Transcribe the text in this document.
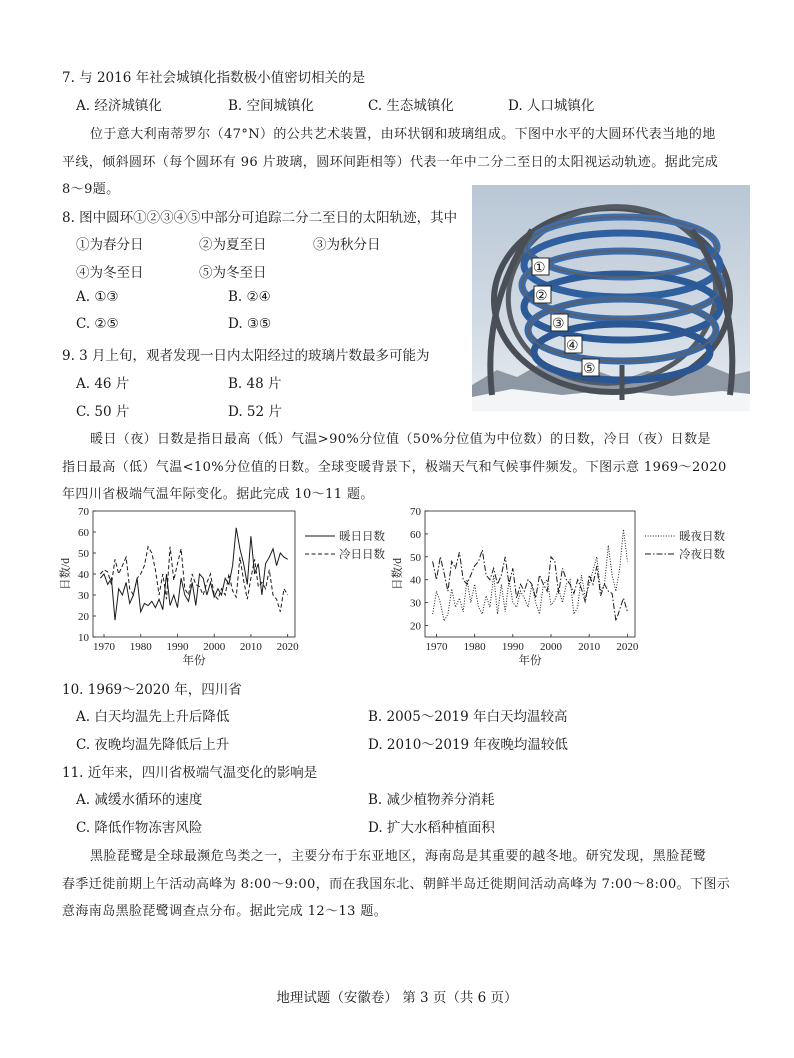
7. 与 2016 年社会城镇化指数极小值密切相关的是
A. 经济城镇化	B. 空间城镇化	C. 生态城镇化	D. 人口城镇化
位于意大利南蒂罗尔（47°N）的公共艺术装置，由环状钢和玻璃组成。下图中水平的大圆环代表当地的地
平线，倾斜圆环（每个圆环有 96 片玻璃，圆环间距相等）代表一年中二分二至日的太阳视运动轨迹。据此完成
8～9题。
8. 图中圆环①②③④⑤中部分可追踪二分二至日的太阳轨迹，其中
①为春分日	②为夏至日	③为秋分日
④为冬至日	⑤为冬至日
A. ①③	B. ②④
C. ②⑤	D. ③⑤
9. 3 月上旬，观者发现一日内太阳经过的玻璃片数最多可能为
A. 46 片	B. 48 片
C. 50 片	D. 52 片
①
②
③
④
⑤
暖日（夜）日数是指日最高（低）气温>90%分位值（50%分位值为中位数）的日数，冷日（夜）日数是
指日最高（低）气温<10%分位值的日数。全球变暖背景下，极端天气和气候事件频发。下图示意 1969～2020
年四川省极端气温年际变化。据此完成 10～11 题。
10
20
30
40
50
60
70
1970 1980 1990 2000 2010 2020
年份
日数/d
暖日日数
冷日日数
20
30
40
50
60
70
1970 1980 1990 2000 2010 2020
年份
日数/d
暖夜日数
冷夜日数
10. 1969～2020 年，四川省
A. 白天均温先上升后降低	B. 2005～2019 年白天均温较高
C. 夜晚均温先降低后上升	D. 2010～2019 年夜晚均温较低
11. 近年来，四川省极端气温变化的影响是
A. 减缓水循环的速度	B. 减少植物养分消耗
C. 降低作物冻害风险	D. 扩大水稻种植面积
黑脸琵鹭是全球最濒危鸟类之一，主要分布于东亚地区，海南岛是其重要的越冬地。研究发现，黑脸琵鹭
春季迁徙前期上午活动高峰为 8:00～9:00，而在我国东北、朝鲜半岛迁徙期间活动高峰为 7:00～8:00。下图示
意海南岛黑脸琵鹭调查点分布。据此完成 12～13 题。
地理试题（安徽卷） 第 3 页（共 6 页）
